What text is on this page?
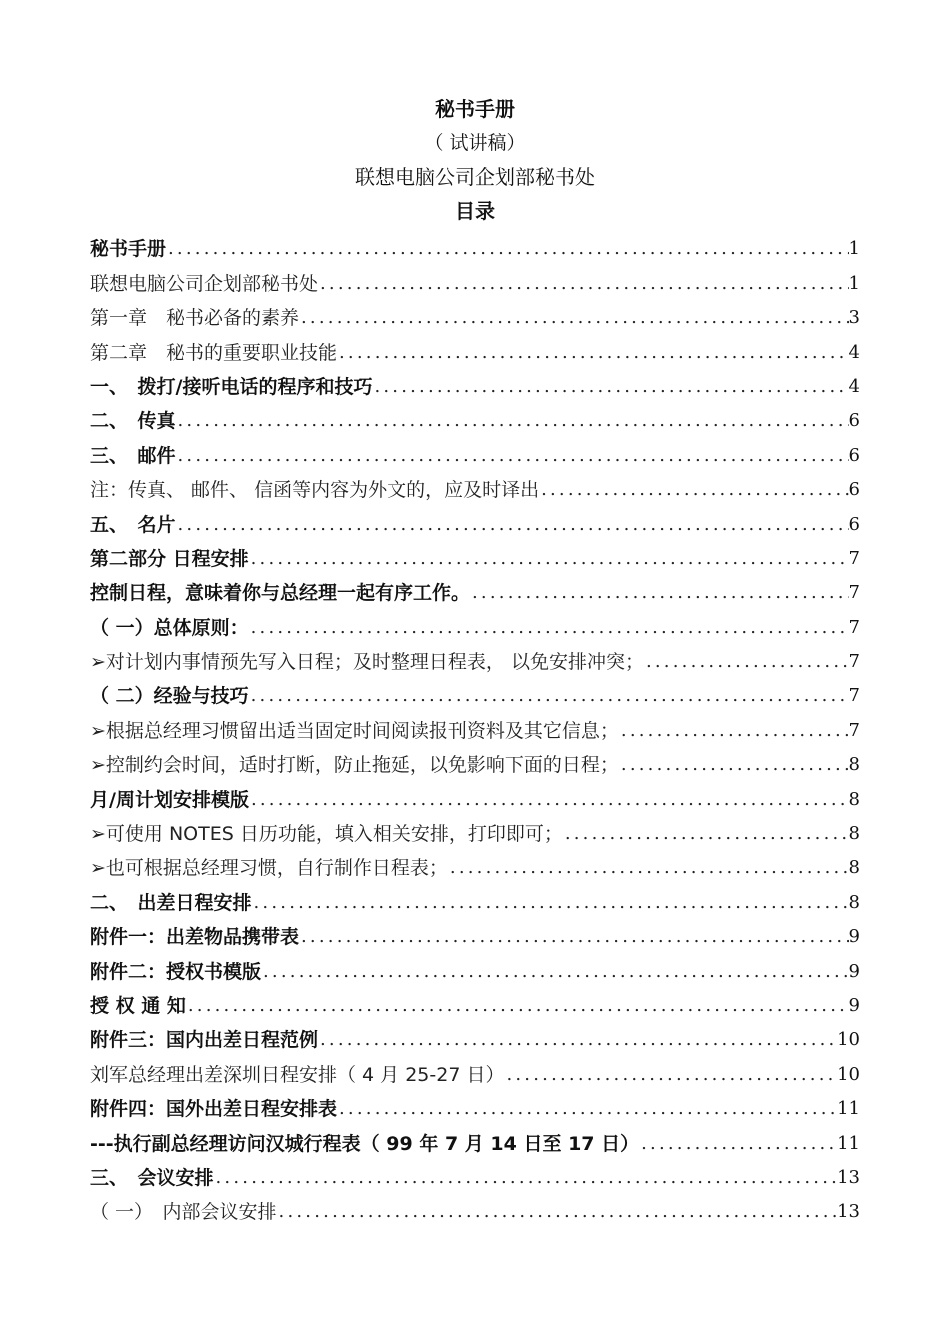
秘书手册
（ 试讲稿）
联想电脑公司企划部秘书处
目录
秘书手册 .....	1
联想电脑公司企划部秘书处 .....	1
第一章　秘书必备的素养 .....	3
第二章　秘书的重要职业技能 .....	4
一、　拨打/接听电话的程序和技巧 .....	4
二、　传真 .....	6
三、　邮件 .....	6
注：传真、 邮件、 信函等内容为外文的，应及时译出 .....	6
五、　名片 .....	6
第二部分 日程安排 .....	7
控制日程，意味着你与总经理一起有序工作。 .....	7
（ 一）总体原则： .....	7
➢对计划内事情预先写入日程；及时整理日程表， 以免安排冲突； .....	7
（ 二）经验与技巧 .....	7
➢根据总经理习惯留出适当固定时间阅读报刊资料及其它信息； .....	7
➢控制约会时间，适时打断，防止拖延，以免影响下面的日程； .....	8
月/周计划安排模版 .....	8
➢可使用 NOTES 日历功能，填入相关安排，打印即可； .....	8
➢也可根据总经理习惯，自行制作日程表； .....	8
二、　出差日程安排 .....	8
附件一：出差物品携带表 .....	9
附件二：授权书模版 .....	9
授 权 通 知 .....	9
附件三：国内出差日程范例 .....	10
刘军总经理出差深圳日程安排（ 4 月 25-27 日） .....	10
附件四：国外出差日程安排表 .....	11
---执行副总经理访问汉城行程表（ 99 年 7 月 14 日至 17 日） .....	11
三、　会议安排 .....	13
（ 一）　内部会议安排 .....	13
